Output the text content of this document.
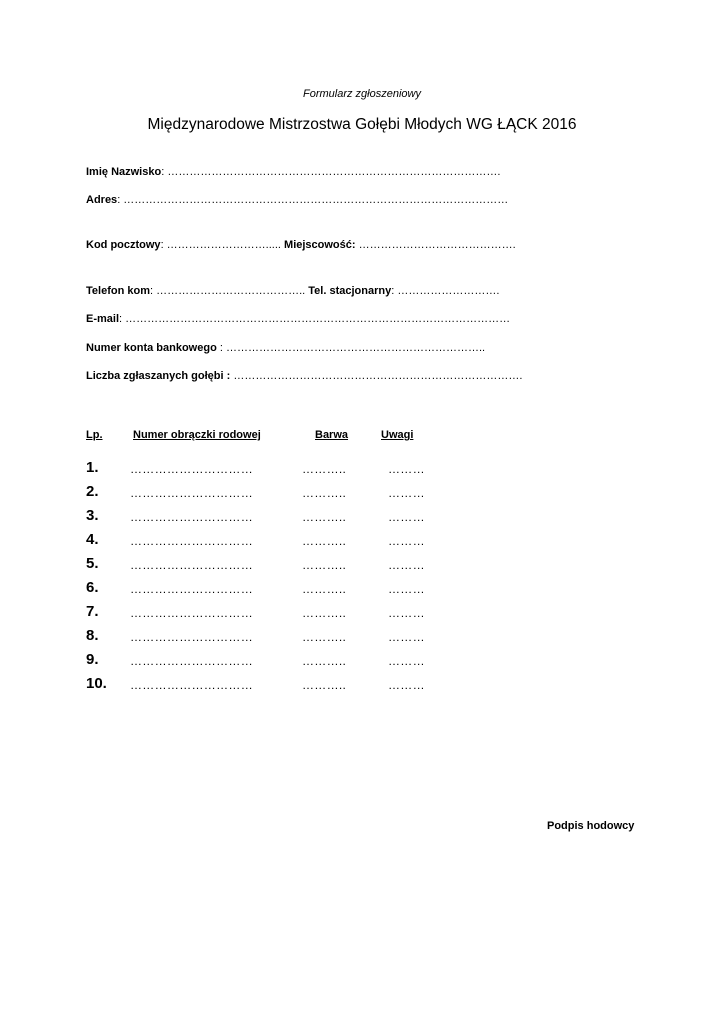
Formularz zgłoszeniowy
Międzynarodowe Mistrzostwa Gołębi Młodych WG ŁĄCK 2016
Imię Nazwisko: ……………………………………………………………………………….
Adres: ……………………………………………………………………………………………
Kod pocztowy: ………………………..... Miejscowość: …………………………………….
Telefon kom: ………………………………….. Tel. stacjonarny: ……………………….
E-mail: ……………………………………………………………………………………………
Numer konta bankowego : ……………………………………………………………..
Liczba zgłaszanych gołębi : …………………………………………………………………….
Lp.	Numer obrączki rodowej	Barwa	Uwagi
1.	…………………………	………..	………
2.	…………………………	………..	………
3.	…………………………	………..	………
4.	…………………………	………..	………
5.	…………………………	………..	………
6.	…………………………	………..	………
7.	…………………………	………..	………
8.	…………………………	………..	………
9.	…………………………	………..	………
10. …………………………	………..	………
Podpis hodowcy
